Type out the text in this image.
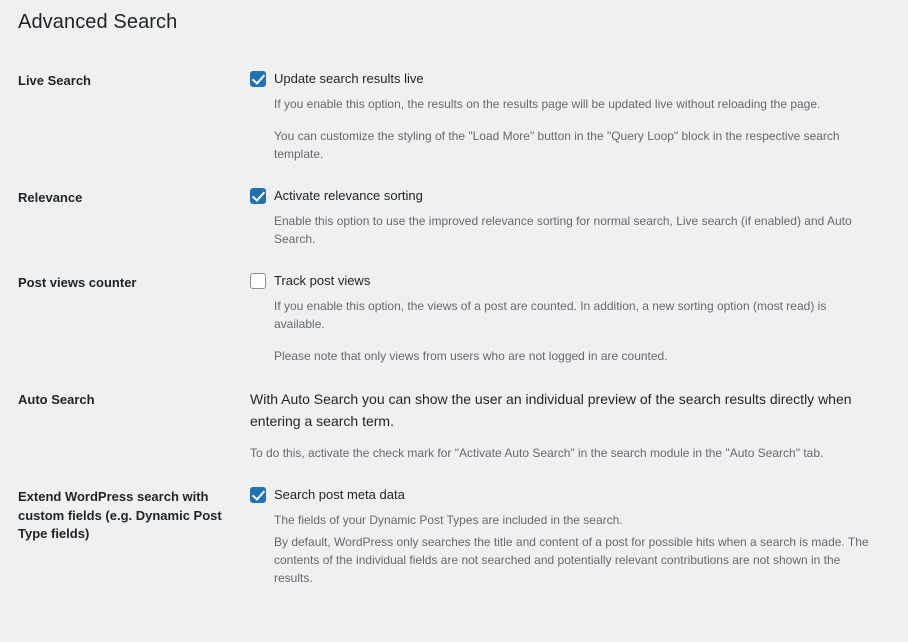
Advanced Search
Live Search	Update search results live

If you enable this option, the results on the results page will be updated live without reloading the page.

You can customize the styling of the "Load More" button in the "Query Loop" block in the respective search template.

Relevance	Activate relevance sorting

Enable this option to use the improved relevance sorting for normal search, Live search (if enabled) and Auto Search.

Post views counter	Track post views

If you enable this option, the views of a post are counted. In addition, a new sorting option (most read) is available.

Please note that only views from users who are not logged in are counted.

Auto Search	With Auto Search you can show the user an individual preview of the search results directly when entering a search term.

To do this, activate the check mark for "Activate Auto Search" in the search module in the "Auto Search" tab.

Extend WordPress search with custom fields (e.g. Dynamic Post Type fields)	Search post meta data

The fields of your Dynamic Post Types are included in the search.

By default, WordPress only searches the title and content of a post for possible hits when a search is made. The contents of the individual fields are not searched and potentially relevant contributions are not shown in the results.
